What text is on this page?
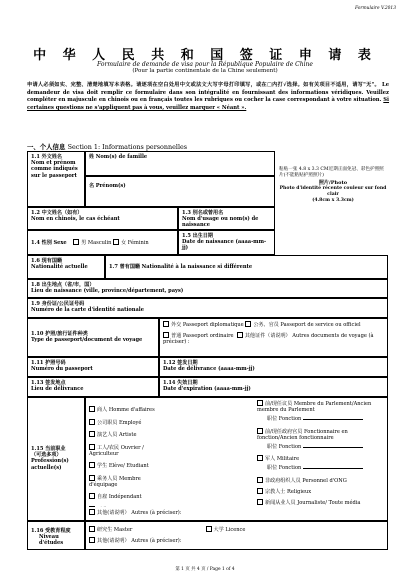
Formulaire V.2013
中 华 人 民 共 和 国 签 证 申 请 表
Formulaire de demande de visa pour la République Populaire de Chine
(Pour la partie continentale de la Chine seulement)
申请人必须如实、完整、清楚地填写本表格。请逐项在空白处用中文或法文大写字母打印填写，或在□内打√选择。如有关项目不适用，请写"无"。 Le demandeur de visa doit remplir ce formulaire dans son intégralité en fournissant des informations véridiques. Veuillez compléter en majuscule en chinois ou en français toutes les rubriques ou cocher la case correspondant à votre situation. Si certaines questions ne s'appliquent pas à vous, veuillez marquer « Néant ».
一、个人信息 Section 1: Informations personnelles
1.1 外文姓名
Nom et prénom comme indiqués sur le passeport
姓 Nom(s) de famille
名 Prénom(s)
粘贴一张 4.8 x 3.3 CM近期正面免冠、彩色护照照片(不能粘贴护照照片)
照片/Photo
Photo d'identité récente couleur sur fond clair
(4.8cm x 3.3cm)
1.2 中文姓名（如有）
Nom en chinois, le cas échéant
1.3 别名或曾用名
Nom d'usage ou nom(s) de naissance
1.4 性别 Sexe	男 Masculin 女 Féminin
1.5 出生日期
Date de naissance (aaaa-mm-jj)
1.6 现有国籍
Nationalité actuelle	1.7 曾有国籍 Nationalité à la naissance si différente
1.8 出生地点（省/市，国）
Lieu de naissance (ville, province/département, pays)
1.9 身份证/公民证号码
Numéro de la carte d'identité nationale
1.10 护照/旅行证件种类
Type de passeport/document de voyage
外交 Passeport diplomatique 公务、官员 Passeport de service ou officiel
普通 Passeport ordinaire 其他证件（请说明） Autres documents de voyage (à préciser) :
1.11 护照号码
Numéro du passeport
1.12 签发日期
Date de délivrance (aaaa-mm-jj)
1.13 签发地点
Lieu de délivrance
1.14 失效日期
Date d'expiration (aaaa-mm-jj)
1.15 当前职业
（可选多项）
Profession(s) actuelle(s)
商人 Homme d'affaires
公司职员 Employé
演艺人员 Artiste
工人/农民 Ouvrier / Agriculteur
学生 Elève/ Etudiant
乘务人员 Membre d'équipage
自雇 Indépendant
前/现任议员 Membre du Parlement/Ancien membre du Parlement
职位 Fonction
前/现任政府官员 Fonctionnaire en fonction/Ancien fonctionnaire
职位 Fonction
军人 Militaire
职位 Fonction
非政府组织人员 Personnel d'ONG
宗教人士 Religieux
新闻从业人员 Journaliste/ Toute média
其他(请说明） Autres (à préciser):
1.16 受教育程度
Niveau d'études
研究生 Master	大学 Licence
其他(请说明） Autres (à préciser):
第 1 页 共 4 页 / Page 1 of 4
